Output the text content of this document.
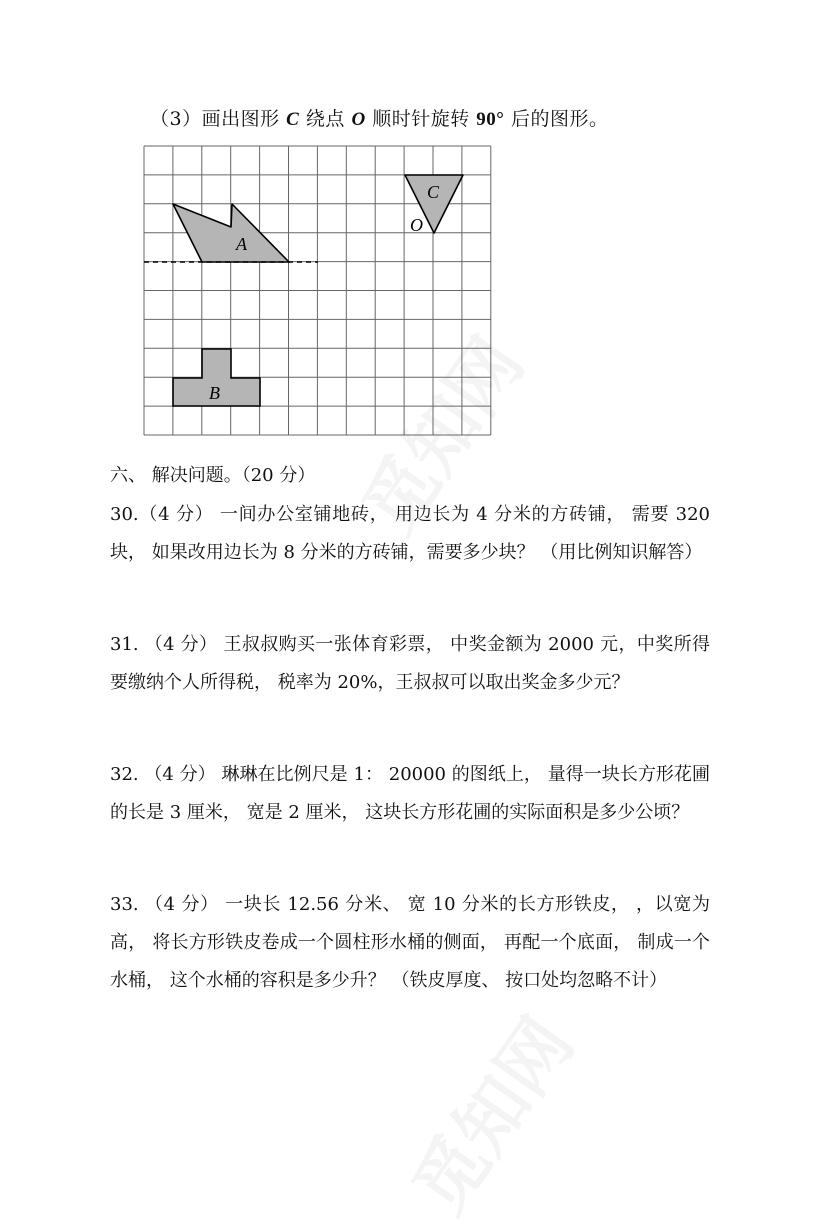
（3）画出图形 C 绕点 O 顺时针旋转 90° 后的图形。
A
B
C
O
六、 解决问题。（20 分）
30.（4 分） 一间办公室铺地砖， 用边长为 4 分米的方砖铺， 需要 320 块， 如果改用边长为 8 分米的方砖铺，需要多少块？ （用比例知识解答）
31. （4 分） 王叔叔购买一张体育彩票， 中奖金额为 2000 元，中奖所得要缴纳个人所得税， 税率为 20%，王叔叔可以取出奖金多少元？
32. （4 分） 琳琳在比例尺是 1： 20000 的图纸上， 量得一块长方形花圃的长是 3 厘米， 宽是 2 厘米， 这块长方形花圃的实际面积是多少公顷？
33. （4 分） 一块长 12.56 分米、 宽 10 分米的长方形铁皮， ，以宽为高， 将长方形铁皮卷成一个圆柱形水桶的侧面， 再配一个底面， 制成一个水桶， 这个水桶的容积是多少升？ （铁皮厚度、 按口处均忽略不计）
